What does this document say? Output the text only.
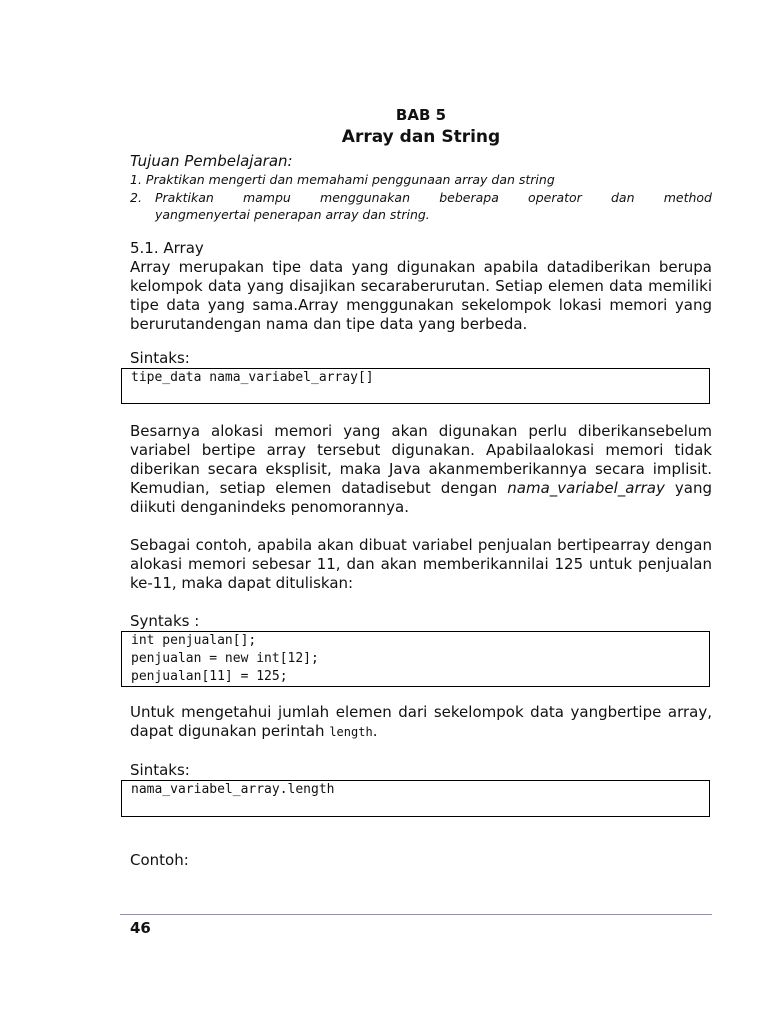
BAB 5
Array dan String
Tujuan Pembelajaran:
1. Praktikan mengerti dan memahami penggunaan array dan string
2.	Praktikan mampu menggunakan beberapa operator dan method
yangmenyertai penerapan array dan string.
5.1. Array
Array merupakan tipe data yang digunakan apabila datadiberikan berupa kelompok data yang disajikan secaraberurutan. Setiap elemen data memiliki tipe data yang sama.Array menggunakan sekelompok lokasi memori yang berurutandengan nama dan tipe data yang berbeda.
Sintaks:
tipe_data nama_variabel_array[]
Besarnya alokasi memori yang akan digunakan perlu diberikansebelum variabel bertipe array tersebut digunakan. Apabilaalokasi memori tidak diberikan secara eksplisit, maka Java akanmemberikannya secara implisit. Kemudian, setiap elemen datadisebut dengan nama_variabel_array yang diikuti denganindeks penomorannya.
Sebagai contoh, apabila akan dibuat variabel penjualan bertipearray dengan alokasi memori sebesar 11, dan akan memberikannilai 125 untuk penjualan ke-11, maka dapat dituliskan:
Syntaks :
int penjualan[];
penjualan = new int[12];
penjualan[11] = 125;
Untuk mengetahui jumlah elemen dari sekelompok data yangbertipe array, dapat digunakan perintah length.
Sintaks:
nama_variabel_array.length
Contoh:
46
